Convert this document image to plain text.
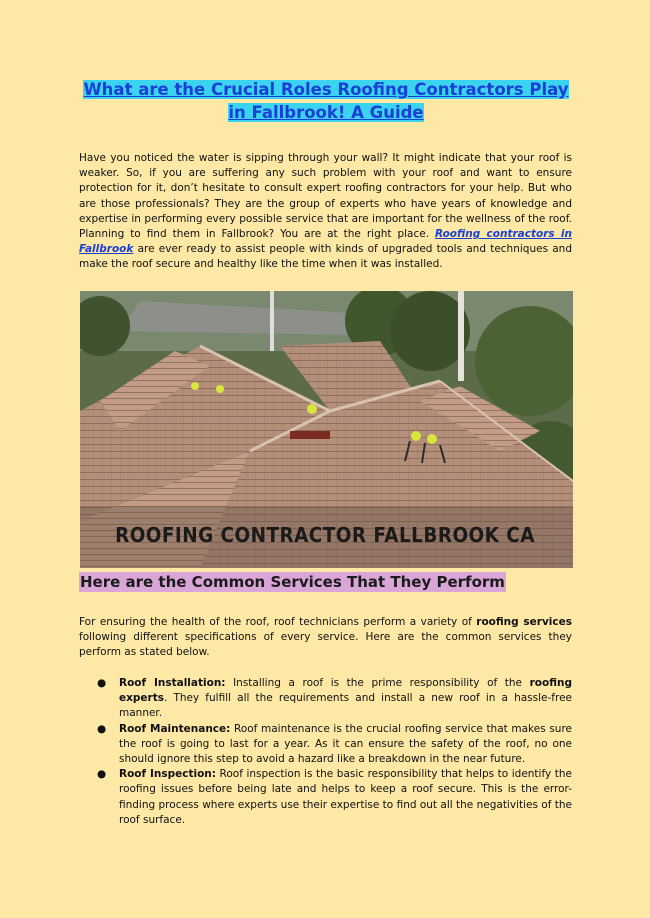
What are the Crucial Roles Roofing Contractors Play in Fallbrook! A Guide

Have you noticed the water is sipping through your wall? It might indicate that your roof is weaker. So, if you are suffering any such problem with your roof and want to ensure protection for it, don’t hesitate to consult expert roofing contractors for your help. But who are those professionals? They are the group of experts who have years of knowledge and expertise in performing every possible service that are important for the wellness of the roof. Planning to find them in Fallbrook? You are at the right place. Roofing contractors in Fallbrook are ever ready to assist people with kinds of upgraded tools and techniques and make the roof secure and healthy like the time when it was installed.

ROOFING CONTRACTOR FALLBROOK CA
Here are the Common Services That They Perform

For ensuring the health of the roof, roof technicians perform a variety of roofing services following different specifications of every service. Here are the common services they perform as stated below.

● Roof Installation: Installing a roof is the prime responsibility of the roofing experts. They fulfill all the requirements and install a new roof in a hassle-free manner.
● Roof Maintenance: Roof maintenance is the crucial roofing service that makes sure the roof is going to last for a year. As it can ensure the safety of the roof, no one should ignore this step to avoid a hazard like a breakdown in the near future.
● Roof Inspection: Roof inspection is the basic responsibility that helps to identify the roofing issues before being late and helps to keep a roof secure. This is the error-finding process where experts use their expertise to find out all the negativities of the roof surface.
